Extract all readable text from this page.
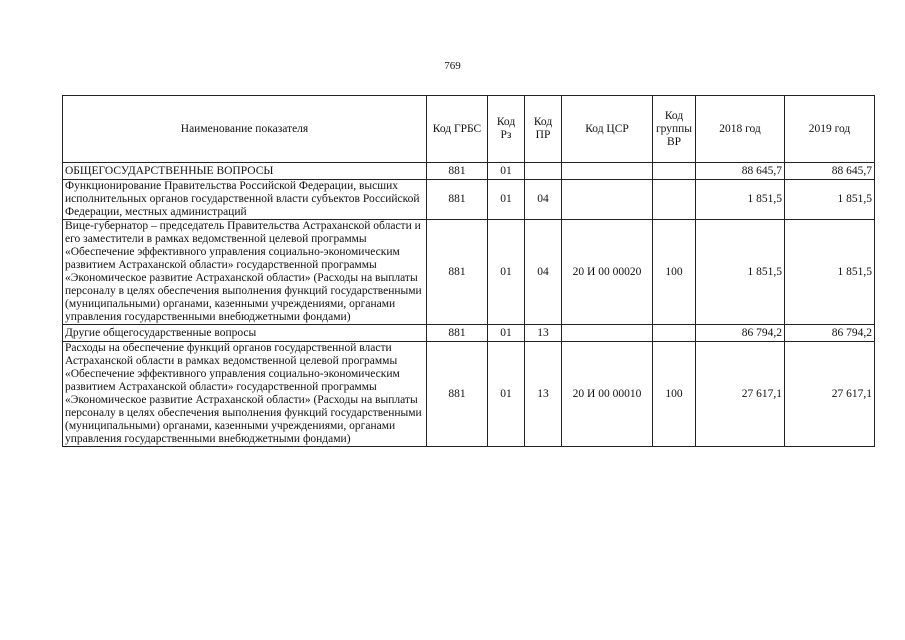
769
Наименование показателя	Код ГРБС	Код Рз	Код ПР	Код ЦСР	Код группы ВР	2018 год	2019 год
ОБЩЕГОСУДАРСТВЕННЫЕ ВОПРОСЫ	881	01				88 645,7	88 645,7
Функционирование Правительства Российской Федерации, высших исполнительных органов государственной власти субъектов Российской Федерации, местных администраций	881	01	04			1 851,5	1 851,5
Вице-губернатор – председатель Правительства Астраханской области и его заместители в рамках ведомственной целевой программы «Обеспечение эффективного управления социально-экономическим развитием Астраханской области» государственной программы «Экономическое развитие Астраханской области» (Расходы на выплаты персоналу в целях обеспечения выполнения функций государственными (муниципальными) органами, казенными учреждениями, органами управления государственными внебюджетными фондами)	881	01	04	20 И 00 00020	100	1 851,5	1 851,5
Другие общегосударственные вопросы	881	01	13			86 794,2	86 794,2
Расходы на обеспечение функций органов государственной власти Астраханской области в рамках ведомственной целевой программы «Обеспечение эффективного управления социально-экономическим развитием Астраханской области» государственной программы «Экономическое развитие Астраханской области» (Расходы на выплаты персоналу в целях обеспечения выполнения функций государственными (муниципальными) органами, казенными учреждениями, органами управления государственными внебюджетными фондами)	881	01	13	20 И 00 00010	100	27 617,1	27 617,1
